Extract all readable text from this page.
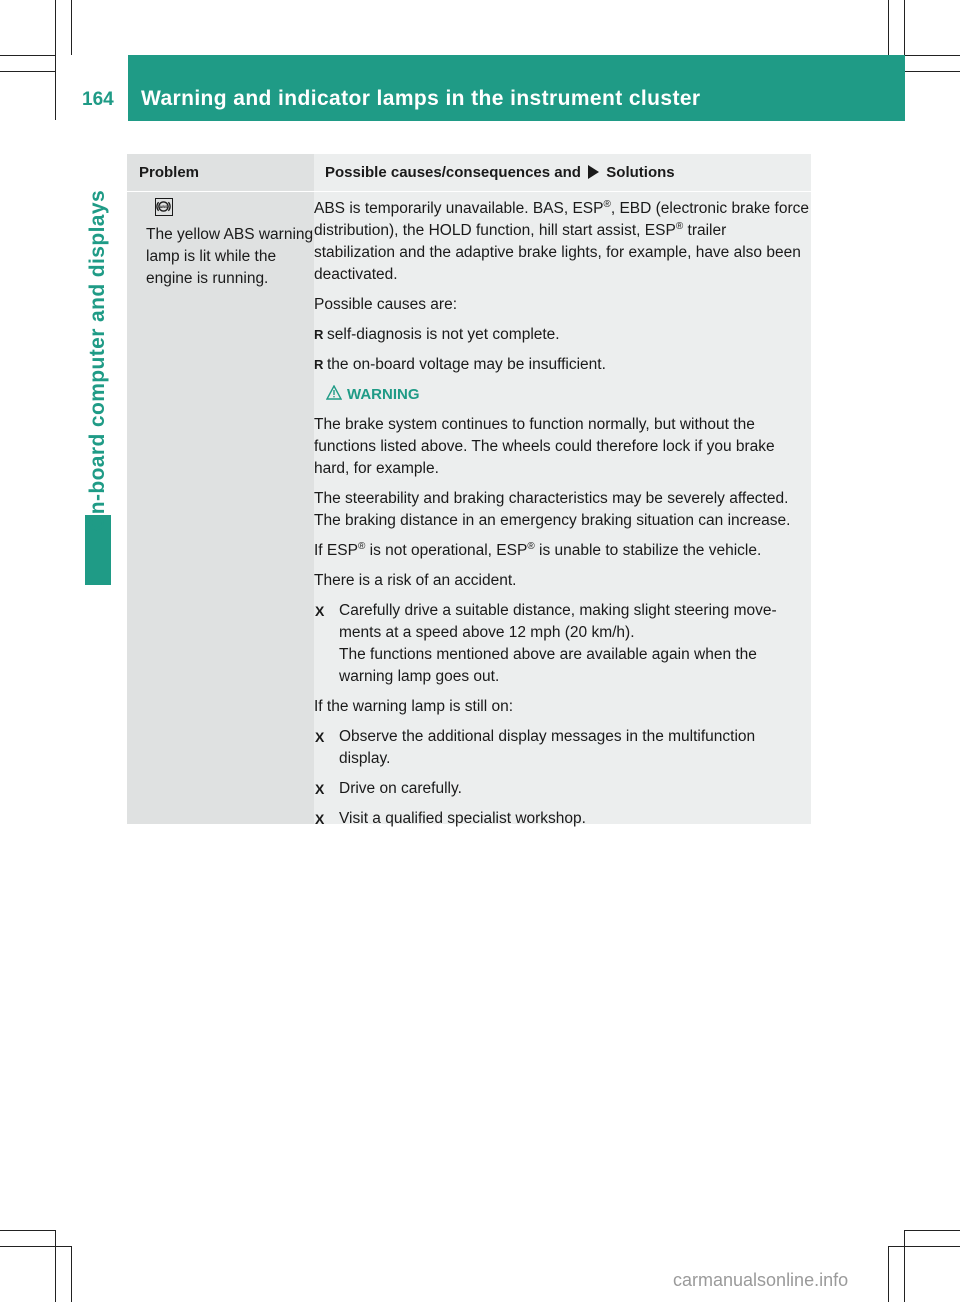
164 Warning and indicator lamps in the instrument cluster
On-board computer and displays
Problem	Possible causes/consequences and Solutions
ABS
The yellow ABS warning lamp is lit while the engine is running.

ABS is temporarily unavailable. BAS, ESP®, EBD (electronic brake force distribution), the HOLD function, hill start assist, ESP® trailer stabilization and the adaptive brake lights, for example, have also been deactivated.

Possible causes are:

R self-diagnosis is not yet complete.

R the on-board voltage may be insufficient.

WARNING

The brake system continues to function normally, but without the functions listed above. The wheels could therefore lock if you brake hard, for example.

The steerability and braking characteristics may be severely affected. The braking distance in an emergency braking situation can increase.

If ESP® is not operational, ESP® is unable to stabilize the vehicle.

There is a risk of an accident.

X Carefully drive a suitable distance, making slight steering movements at a speed above 12 mph (20 km/h).
The functions mentioned above are available again when the warning lamp goes out.

If the warning lamp is still on:

X Observe the additional display messages in the multifunction display.

X Drive on carefully.

X Visit a qualified specialist workshop.

carmanualsonline.info
